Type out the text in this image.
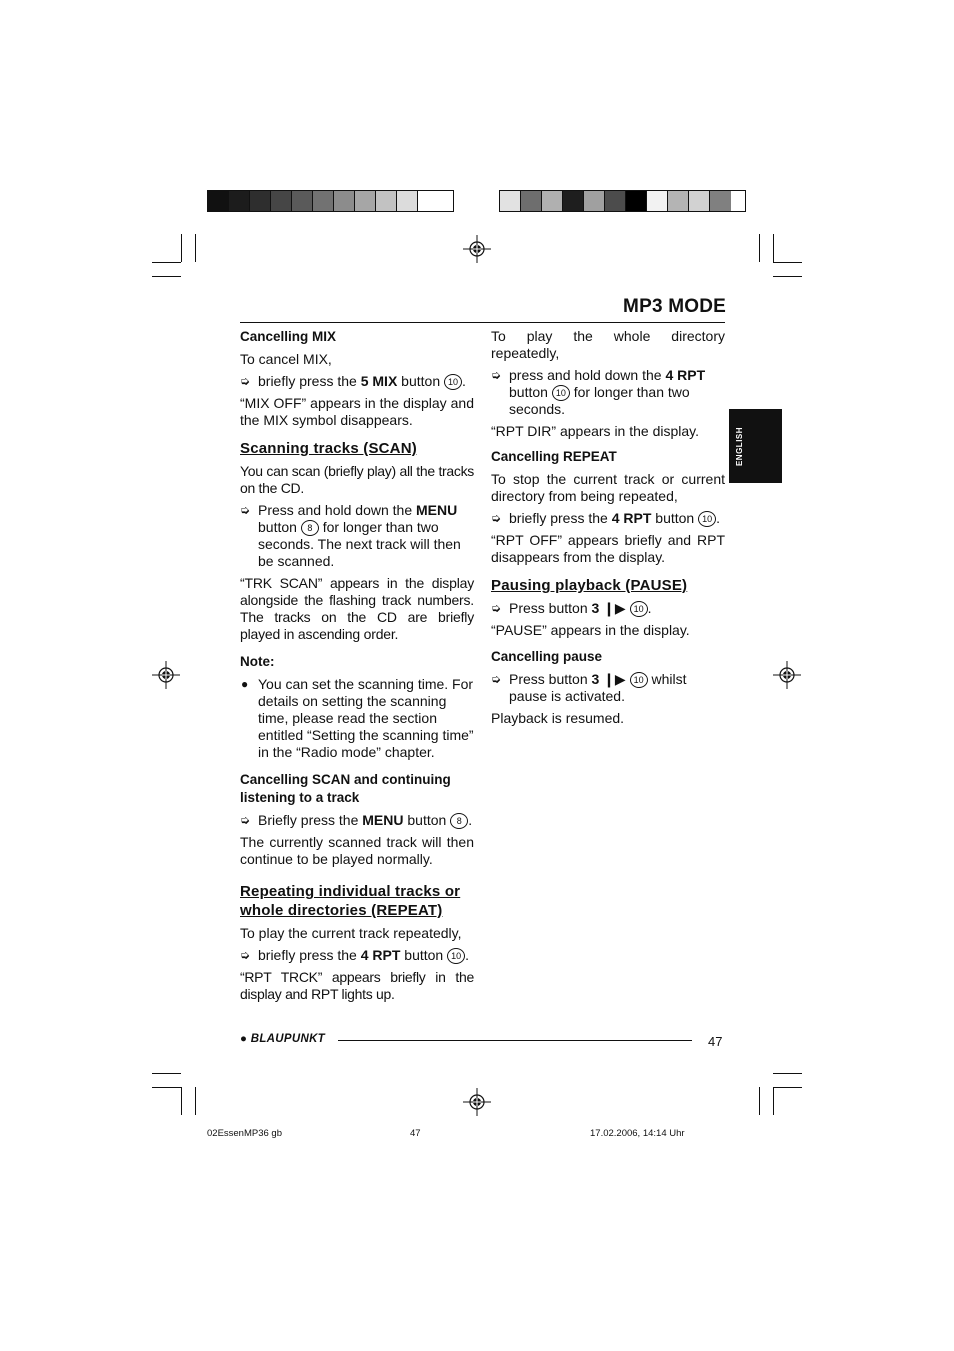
MP3 MODE
ENGLISH
Cancelling MIX

To cancel MIX,

➭ briefly press the 5 MIX button 10 .

“MIX OFF” appears in the display and the MIX symbol disappears.

Scanning tracks (SCAN)

You can scan (briefly play) all the tracks on the CD.

➭ Press and hold down the MENU button 8 for longer than two seconds. The next track will then be scanned.

“TRK SCAN” appears in the display alongside the flashing track numbers. The tracks on the CD are briefly played in ascending order.

Note:
● You can set the scanning time. For details on setting the scanning time, please read the section entitled “Setting the scanning time” in the “Radio mode” chapter.
Cancelling SCAN and continuing listening to a track
➭ Briefly press the MENU button 8 .

The currently scanned track will then continue to be played normally.

Repeating individual tracks or whole directories (REPEAT)

To play the current track repeatedly,

➭ briefly press the 4 RPT button 10 .

“RPT TRCK” appears briefly in the display and RPT lights up.

To play the whole directory repeatedly,

➭ press and hold down the 4 RPT button 10 for longer than two seconds.

“RPT DIR” appears in the display.

Cancelling REPEAT

To stop the current track or current directory from being repeated,

➭ briefly press the 4 RPT button 10 .

“RPT OFF” appears briefly and RPT disappears from the display.

Pausing playback (PAUSE)
➭ Press button 3 ❙▶ 10 .

“PAUSE” appears in the display.

Cancelling pause
➭ Press button 3 ❙▶ 10 whilst pause is activated.

Playback is resumed.

● BLAUPUNKT	47
02EssenMP36 gb	47	17.02.2006, 14:14 Uhr
